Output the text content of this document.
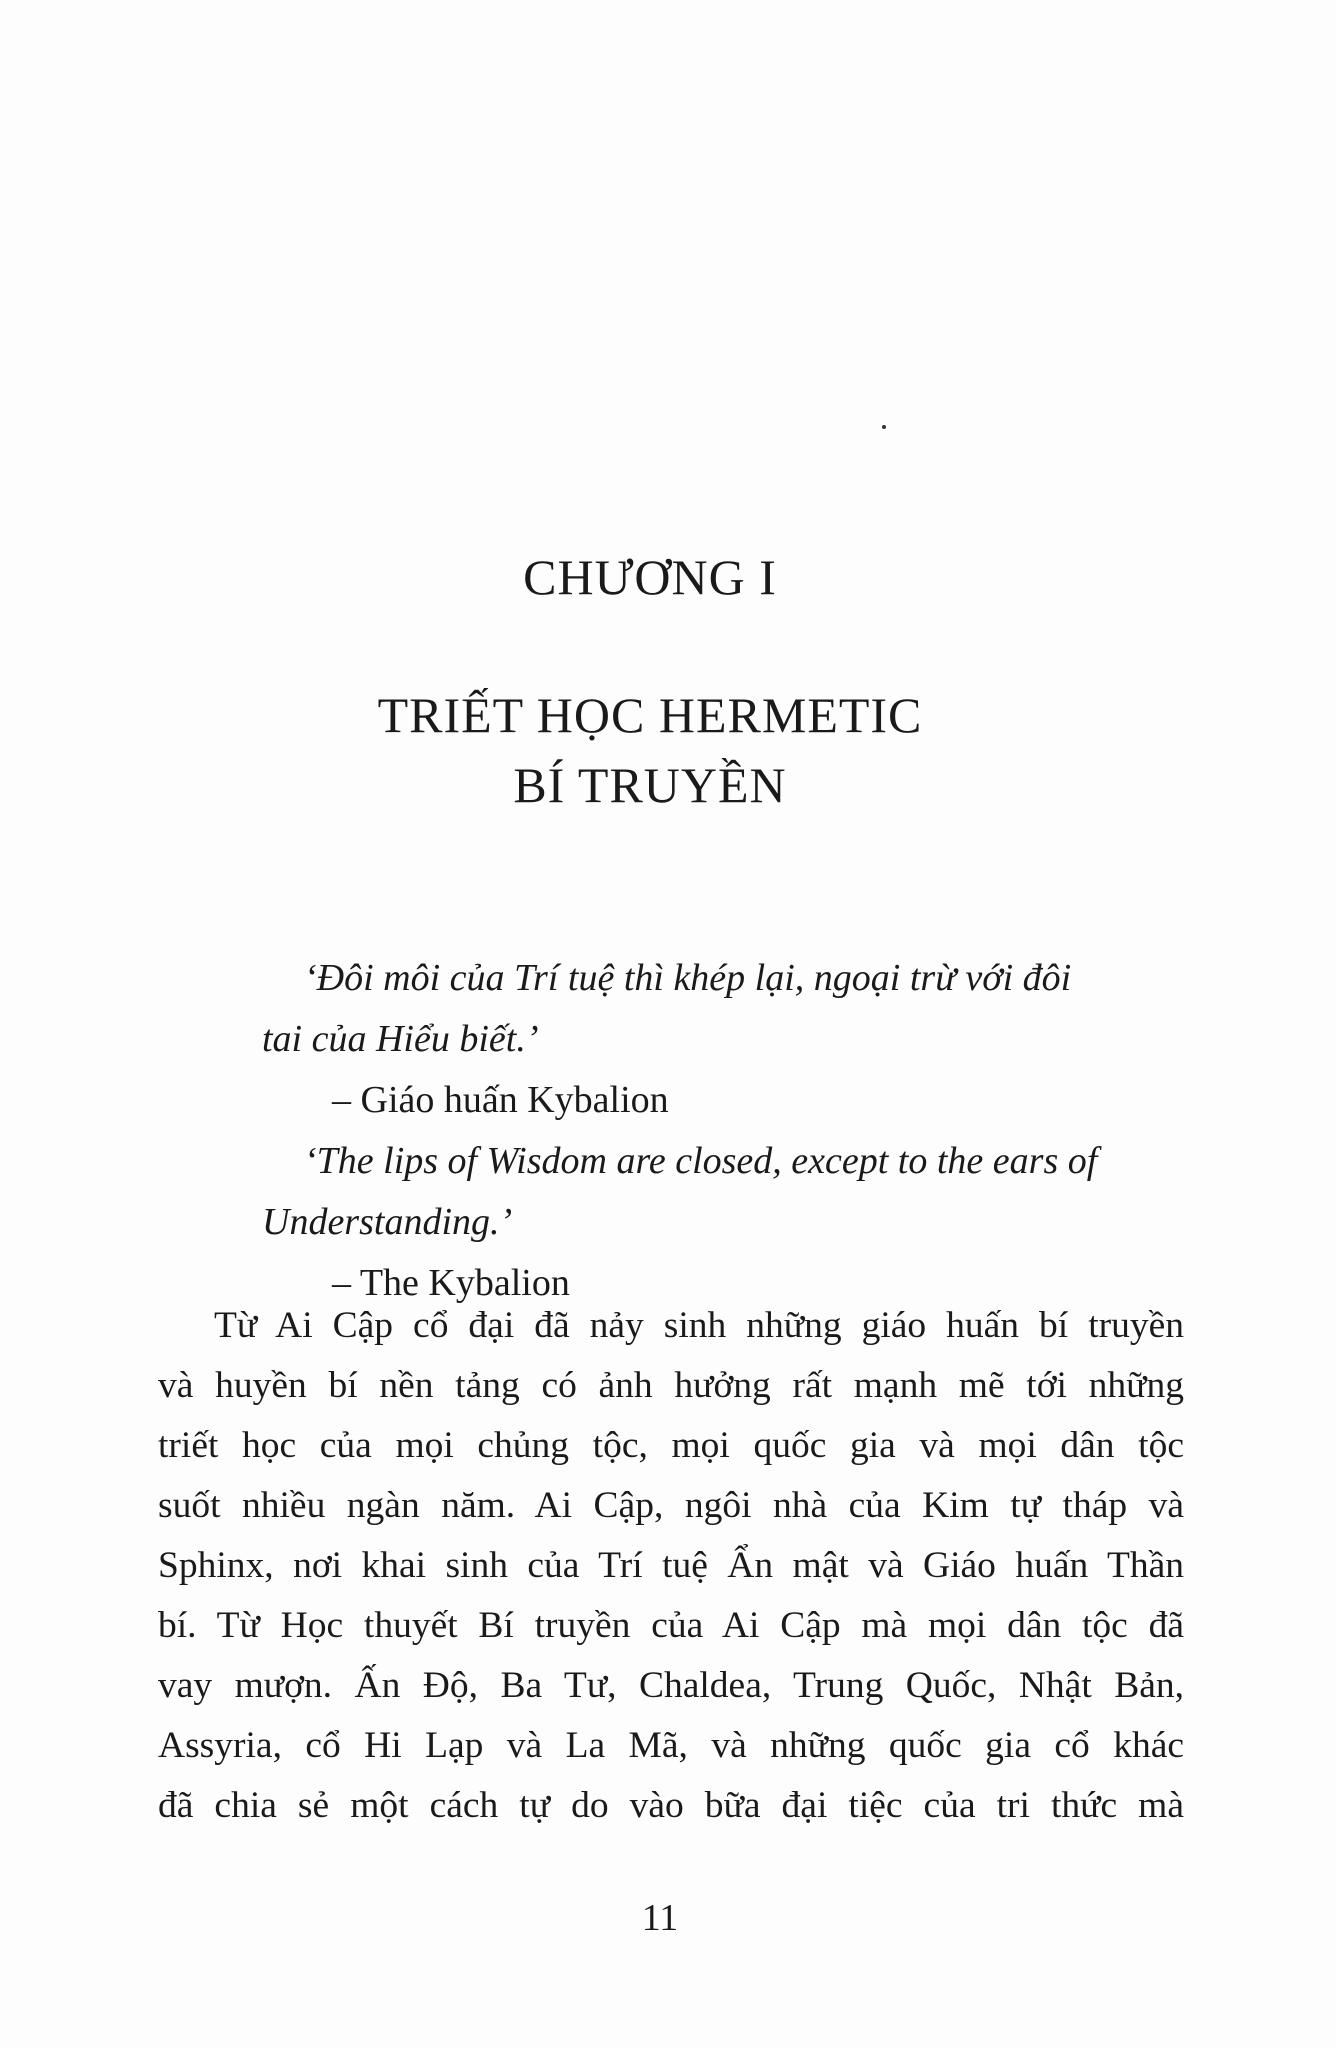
CHƯƠNG I
TRIẾT HỌC HERMETIC
BÍ TRUYỀN
‘Đôi môi của Trí tuệ thì khép lại, ngoại trừ với đôi
tai của Hiểu biết.’
– Giáo huấn Kybalion
‘The lips of Wisdom are closed, except to the ears of
Understanding.’
– The Kybalion
Từ Ai Cập cổ đại đã nảy sinh những giáo huấn bí truyền
và huyền bí nền tảng có ảnh hưởng rất mạnh mẽ tới những
triết học của mọi chủng tộc, mọi quốc gia và mọi dân tộc
suốt nhiều ngàn năm. Ai Cập, ngôi nhà của Kim tự tháp và
Sphinx, nơi khai sinh của Trí tuệ Ẩn mật và Giáo huấn Thần
bí. Từ Học thuyết Bí truyền của Ai Cập mà mọi dân tộc đã
vay mượn. Ấn Độ, Ba Tư, Chaldea, Trung Quốc, Nhật Bản,
Assyria, cổ Hi Lạp và La Mã, và những quốc gia cổ khác
đã chia sẻ một cách tự do vào bữa đại tiệc của tri thức mà
11
